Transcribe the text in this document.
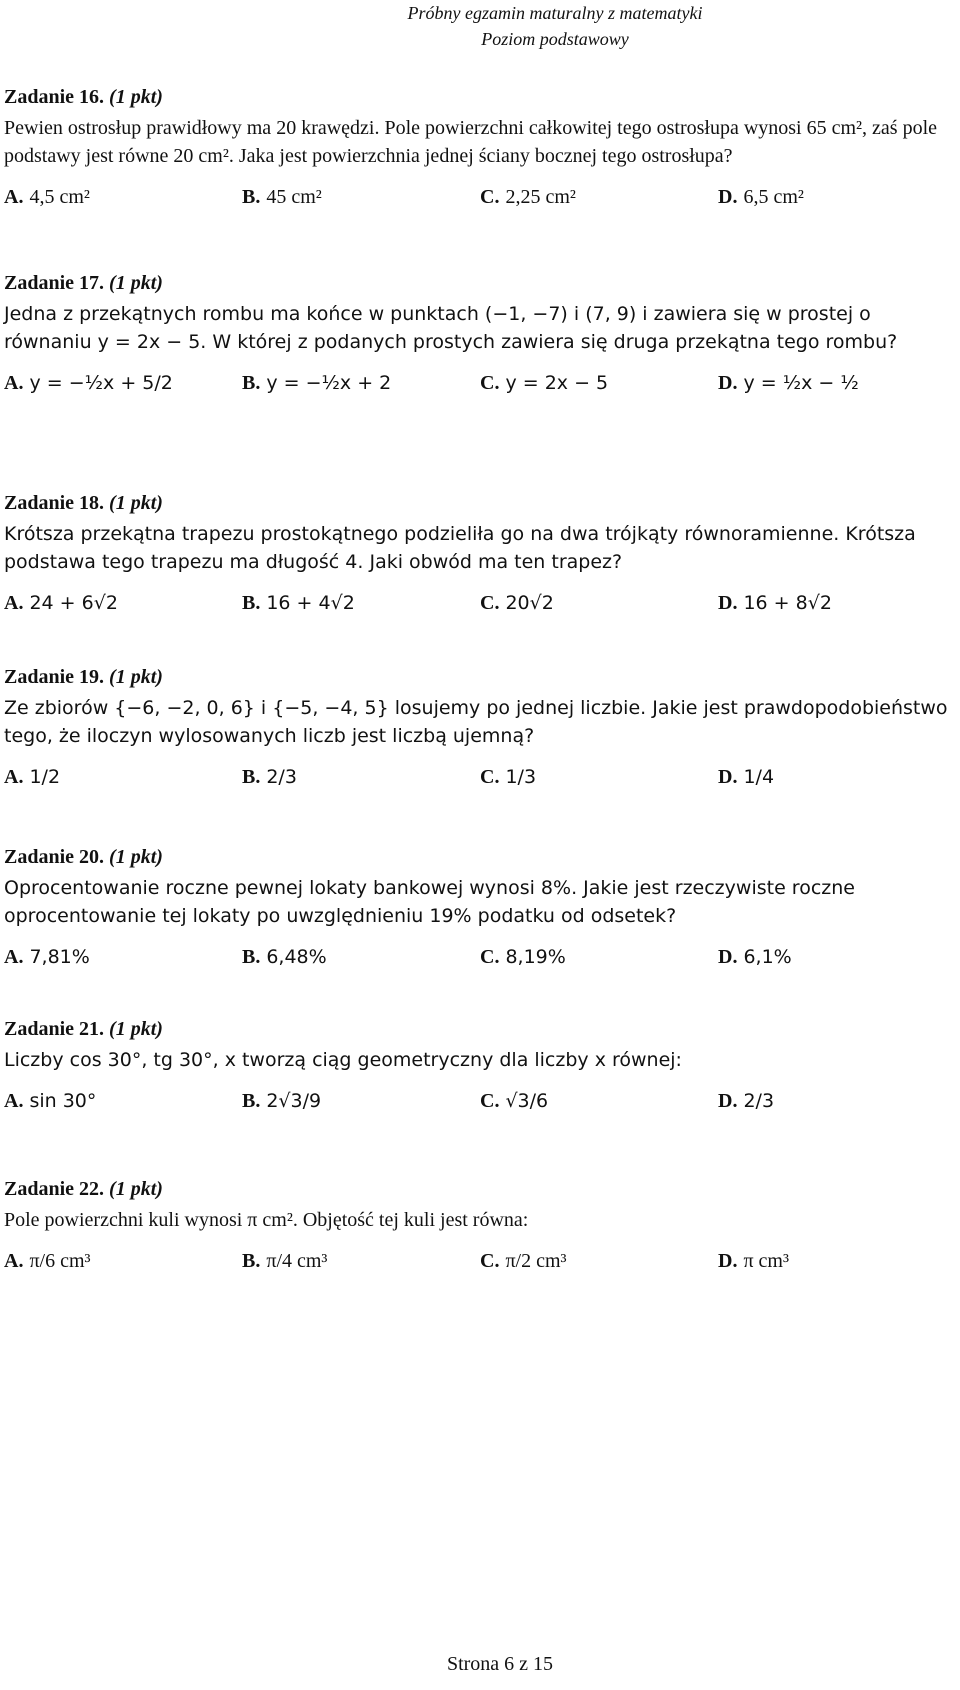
Próbny egzamin maturalny z matematyki
Poziom podstawowy
Zadanie 16. (1 pkt)
Pewien ostrosłup prawidłowy ma 20 krawędzi. Pole powierzchni całkowitej tego ostrosłupa wynosi 65 cm², zaś pole podstawy jest równe 20 cm². Jaka jest powierzchnia jednej ściany bocznej tego ostrosłupa?
A. 4,5 cm²	B. 45 cm²	C. 2,25 cm²	D. 6,5 cm²
Zadanie 17. (1 pkt)
Jedna z przekątnych rombu ma końce w punktach (−1, −7) i (7, 9) i zawiera się w prostej o równaniu y = 2x − 5. W której z podanych prostych zawiera się druga przekątna tego rombu?
A. y = −½x + 5/2	B. y = −½x + 2	C. y = 2x − 5	D. y = ½x − ½
Zadanie 18. (1 pkt)
Krótsza przekątna trapezu prostokątnego podzieliła go na dwa trójkąty równoramienne. Krótsza podstawa tego trapezu ma długość 4. Jaki obwód ma ten trapez?
A. 24 + 6√2	B. 16 + 4√2	C. 20√2	D. 16 + 8√2
Zadanie 19. (1 pkt)
Ze zbiorów {−6, −2, 0, 6} i {−5, −4, 5} losujemy po jednej liczbie. Jakie jest prawdopodobieństwo tego, że iloczyn wylosowanych liczb jest liczbą ujemną?
A. 1/2	B. 2/3	C. 1/3	D. 1/4
Zadanie 20. (1 pkt)
Oprocentowanie roczne pewnej lokaty bankowej wynosi 8%. Jakie jest rzeczywiste roczne oprocentowanie tej lokaty po uwzględnieniu 19% podatku od odsetek?
A. 7,81%	B. 6,48%	C. 8,19%	D. 6,1%
Zadanie 21. (1 pkt)
Liczby cos 30°, tg 30°, x tworzą ciąg geometryczny dla liczby x równej:
A. sin 30°	B. 2√3/9	C. √3/6	D. 2/3
Zadanie 22. (1 pkt)
Pole powierzchni kuli wynosi π cm². Objętość tej kuli jest równa:
A. π/6 cm³	B. π/4 cm³	C. π/2 cm³	D. π cm³
Strona 6 z 15
